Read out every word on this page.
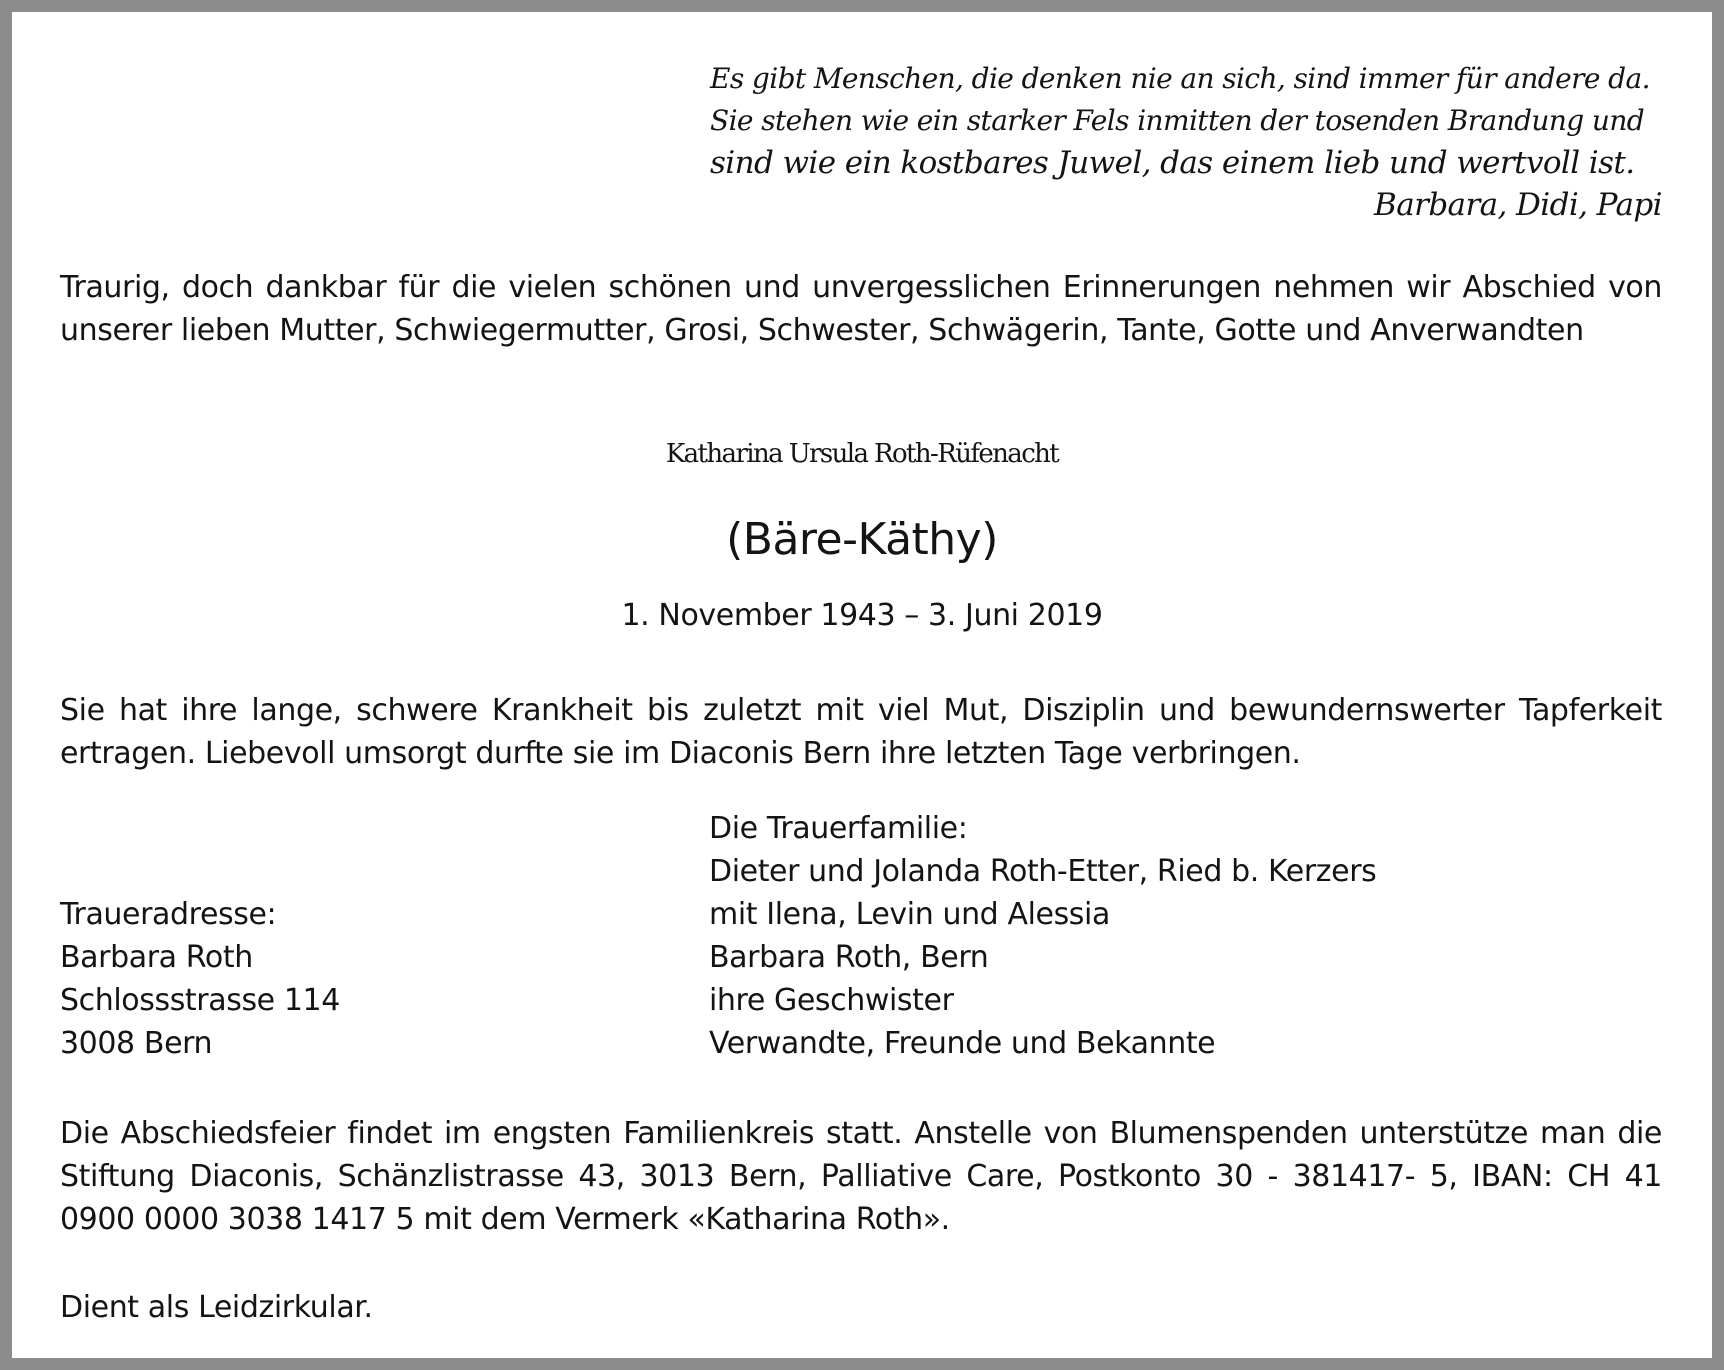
Es gibt Menschen, die denken nie an sich, sind immer für andere da.
Sie stehen wie ein starker Fels inmitten der tosenden Brandung und
sind wie ein kostbares Juwel, das einem lieb und wertvoll ist.
Barbara, Didi, Papi
Traurig, doch dankbar für die vielen schönen und unvergesslichen Erinnerungen nehmen wir Abschied von unserer lieben Mutter, Schwiegermutter, Grosi, Schwester, Schwägerin, Tante, Gotte und Anverwandten
Katharina Ursula Roth-Rüfenacht
(Bäre-Käthy)
1. November 1943 – 3. Juni 2019
Sie hat ihre lange, schwere Krankheit bis zuletzt mit viel Mut, Disziplin und bewundernswerter Tapferkeit ertragen. Liebevoll umsorgt durfte sie im Diaconis Bern ihre letzten Tage verbringen.
Die Trauerfamilie:
Dieter und Jolanda Roth-Etter, Ried b. Kerzers
mit Ilena, Levin und Alessia
Barbara Roth, Bern
ihre Geschwister
Verwandte, Freunde und Bekannte
Traueradresse:
Barbara Roth
Schlossstrasse 114
3008 Bern
Die Abschiedsfeier findet im engsten Familienkreis statt. Anstelle von Blumenspenden unterstütze man die Stiftung Diaconis, Schänzlistrasse 43, 3013 Bern, Palliative Care, Postkonto 30 - 381417- 5, IBAN: CH 41 0900 0000 3038 1417 5 mit dem Vermerk «Katharina Roth».
Dient als Leidzirkular.
